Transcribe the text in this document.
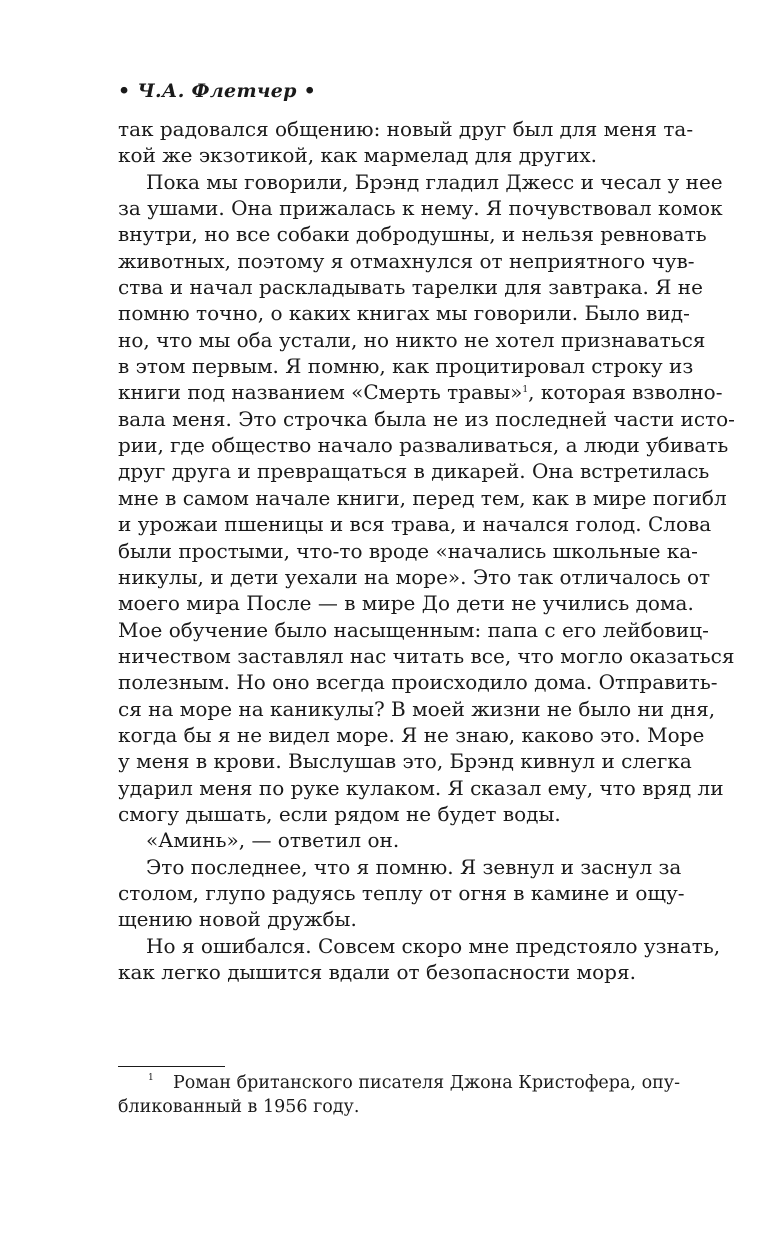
• Ч.А. Флетчер •
так радовался общению: новый друг был для меня та-
кой же экзотикой, как мармелад для других.
Пока мы говорили, Брэнд гладил Джесс и чесал у нее
за ушами. Она прижалась к нему. Я почувствовал комок
внутри, но все собаки добродушны, и нельзя ревновать
животных, поэтому я отмахнулся от неприятного чув-
ства и начал раскладывать тарелки для завтрака. Я не
помню точно, о каких книгах мы говорили. Было вид-
но, что мы оба устали, но никто не хотел признаваться
в этом первым. Я помню, как процитировал строку из
книги под названием «Смерть травы»$^1$, которая взволно-
вала меня. Это строчка была не из последней части исто-
рии, где общество начало разваливаться, а люди убивать
друг друга и превращаться в дикарей. Она встретилась
мне в самом начале книги, перед тем, как в мире погибл
и урожаи пшеницы и вся трава, и начался голод. Слова
были простыми, что-то вроде «начались школьные ка-
никулы, и дети уехали на море». Это так отличалось от
моего мира После — в мире До дети не учились дома.
Мое обучение было насыщенным: папа с его лейбовиц-
ничеством заставлял нас читать все, что могло оказаться
полезным. Но оно всегда происходило дома. Отправить-
ся на море на каникулы? В моей жизни не было ни дня,
когда бы я не видел море. Я не знаю, каково это. Море
у меня в крови. Выслушав это, Брэнд кивнул и слегка
ударил меня по руке кулаком. Я сказал ему, что вряд ли
смогу дышать, если рядом не будет воды.
«Аминь», — ответил он.
Это последнее, что я помню. Я зевнул и заснул за
столом, глупо радуясь теплу от огня в камине и ощу-
щению новой дружбы.
Но я ошибался. Совсем скоро мне предстояло узнать,
как легко дышится вдали от безопасности моря.
1	Роман британского писателя Джона Кристофера, опу-
бликованный в 1956 году.
